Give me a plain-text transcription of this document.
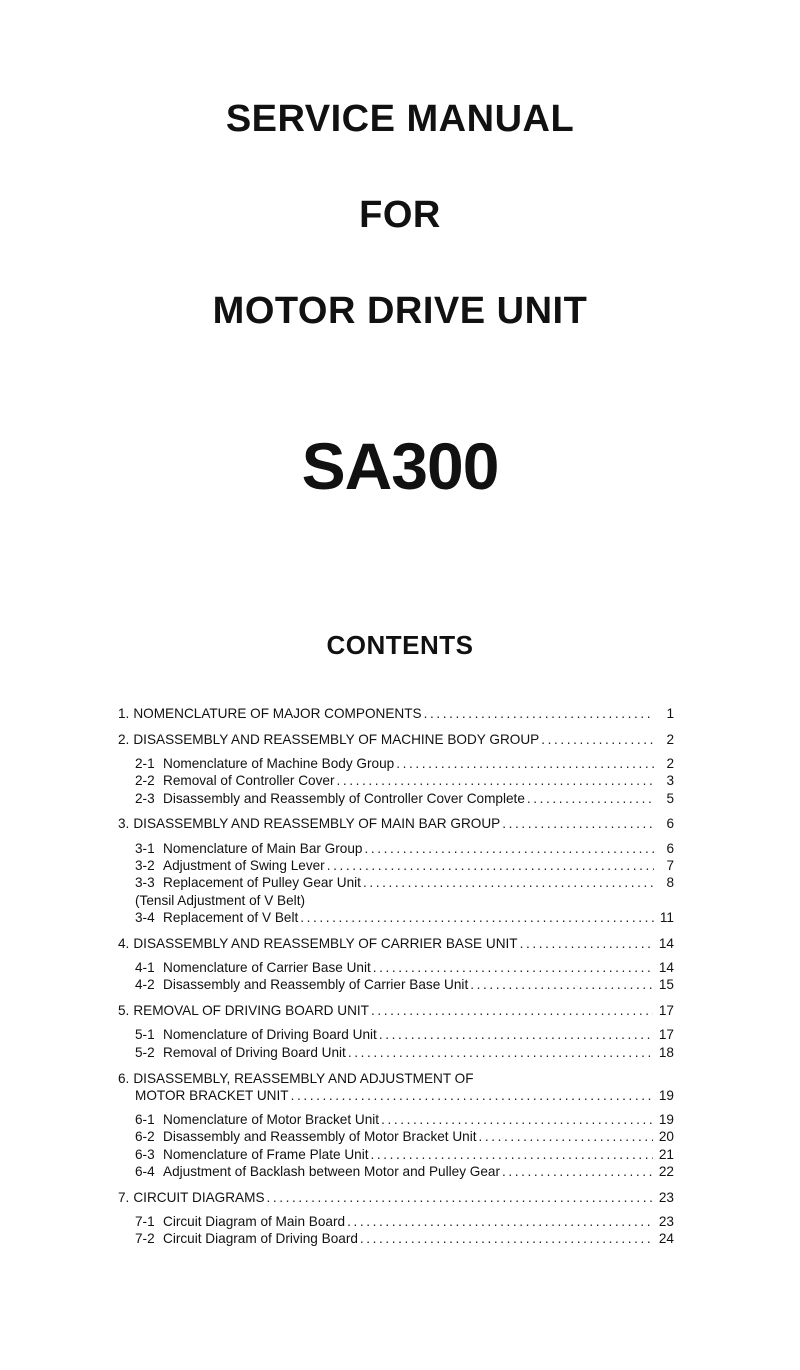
SERVICE MANUAL
FOR
MOTOR DRIVE UNIT
SA300
CONTENTS
1. NOMENCLATURE OF MAJOR COMPONENTS .....	1
2. DISASSEMBLY AND REASSEMBLY OF MACHINE BODY GROUP .....	2
2-1 Nomenclature of Machine Body Group .....	2
2-2 Removal of Controller Cover .....	3
2-3 Disassembly and Reassembly of Controller Cover Complete .....	5
3. DISASSEMBLY AND REASSEMBLY OF MAIN BAR GROUP .....	6
3-1 Nomenclature of Main Bar Group .....	6
3-2 Adjustment of Swing Lever .....	7
3-3 Replacement of Pulley Gear Unit .....	8
(Tensil Adjustment of V Belt)
3-4 Replacement of V Belt .....	11
4. DISASSEMBLY AND REASSEMBLY OF CARRIER BASE UNIT .....	14
4-1 Nomenclature of Carrier Base Unit .....	14
4-2 Disassembly and Reassembly of Carrier Base Unit .....	15
5. REMOVAL OF DRIVING BOARD UNIT .....	17
5-1 Nomenclature of Driving Board Unit .....	17
5-2 Removal of Driving Board Unit .....	18
6. DISASSEMBLY, REASSEMBLY AND ADJUSTMENT OF
MOTOR BRACKET UNIT .....	19
6-1 Nomenclature of Motor Bracket Unit .....	19
6-2 Disassembly and Reassembly of Motor Bracket Unit .....	20
6-3 Nomenclature of Frame Plate Unit .....	21
6-4 Adjustment of Backlash between Motor and Pulley Gear .....	22
7. CIRCUIT DIAGRAMS .....	23
7-1 Circuit Diagram of Main Board .....	23
7-2 Circuit Diagram of Driving Board .....	24
